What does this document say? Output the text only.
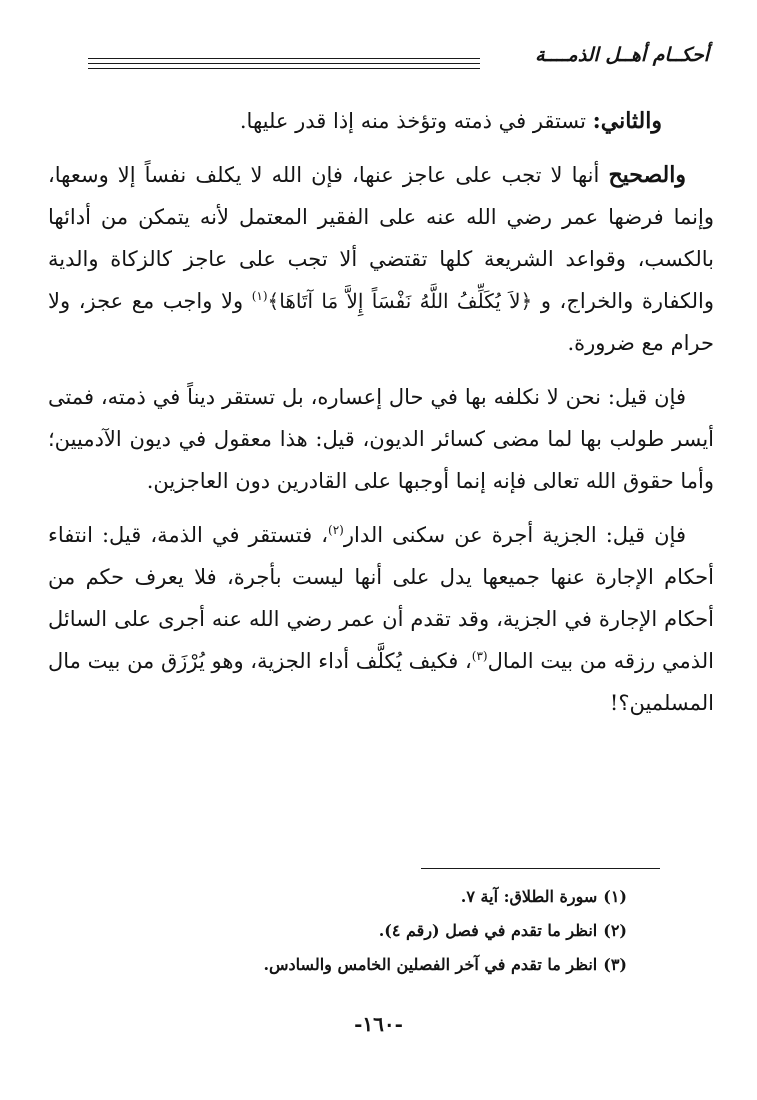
أحكــام أهــل الذمــــة

والثاني: تستقر في ذمته وتؤخذ منه إذا قدر عليها.

والصحيح أنها لا تجب على عاجز عنها، فإن الله لا يكلف نفساً إلا وسعها، وإنما فرضها عمر رضي الله عنه على الفقير المعتمل لأنه يتمكن من أدائها بالكسب، وقواعد الشريعة كلها تقتضي ألا تجب على عاجز كالزكاة والدية والكفارة والخراج، و ﴿لاَ يُكَلِّفُ اللَّهُ نَفْسَاً إِلاَّ مَا آتَاهَا﴾$^{(١)}$ ولا واجب مع عجز، ولا حرام مع ضرورة.

فإن قيل: نحن لا نكلفه بها في حال إعساره، بل تستقر ديناً في ذمته، فمتى أيسر طولب بها لما مضى كسائر الديون، قيل: هذا معقول في ديون الآدميين؛ وأما حقوق الله تعالى فإنه إنما أوجبها على القادرين دون العاجزين.

فإن قيل: الجزية أجرة عن سكنى الدار$^{(٢)}$، فتستقر في الذمة، قيل: انتفاء أحكام الإجارة عنها جميعها يدل على أنها ليست بأجرة، فلا يعرف حكم من أحكام الإجارة في الجزية، وقد تقدم أن عمر رضي الله عنه أجرى على السائل الذمي رزقه من بيت المال$^{(٣)}$، فكيف يُكلَّف أداء الجزية، وهو يُرْزَق من بيت مال المسلمين؟!

(١)سورة الطلاق: آية ٧.
(٢)انظر ما تقدم في فصل (رقم ٤).
(٣)انظر ما تقدم في آخر الفصلين الخامس والسادس.
-١٦٠-
